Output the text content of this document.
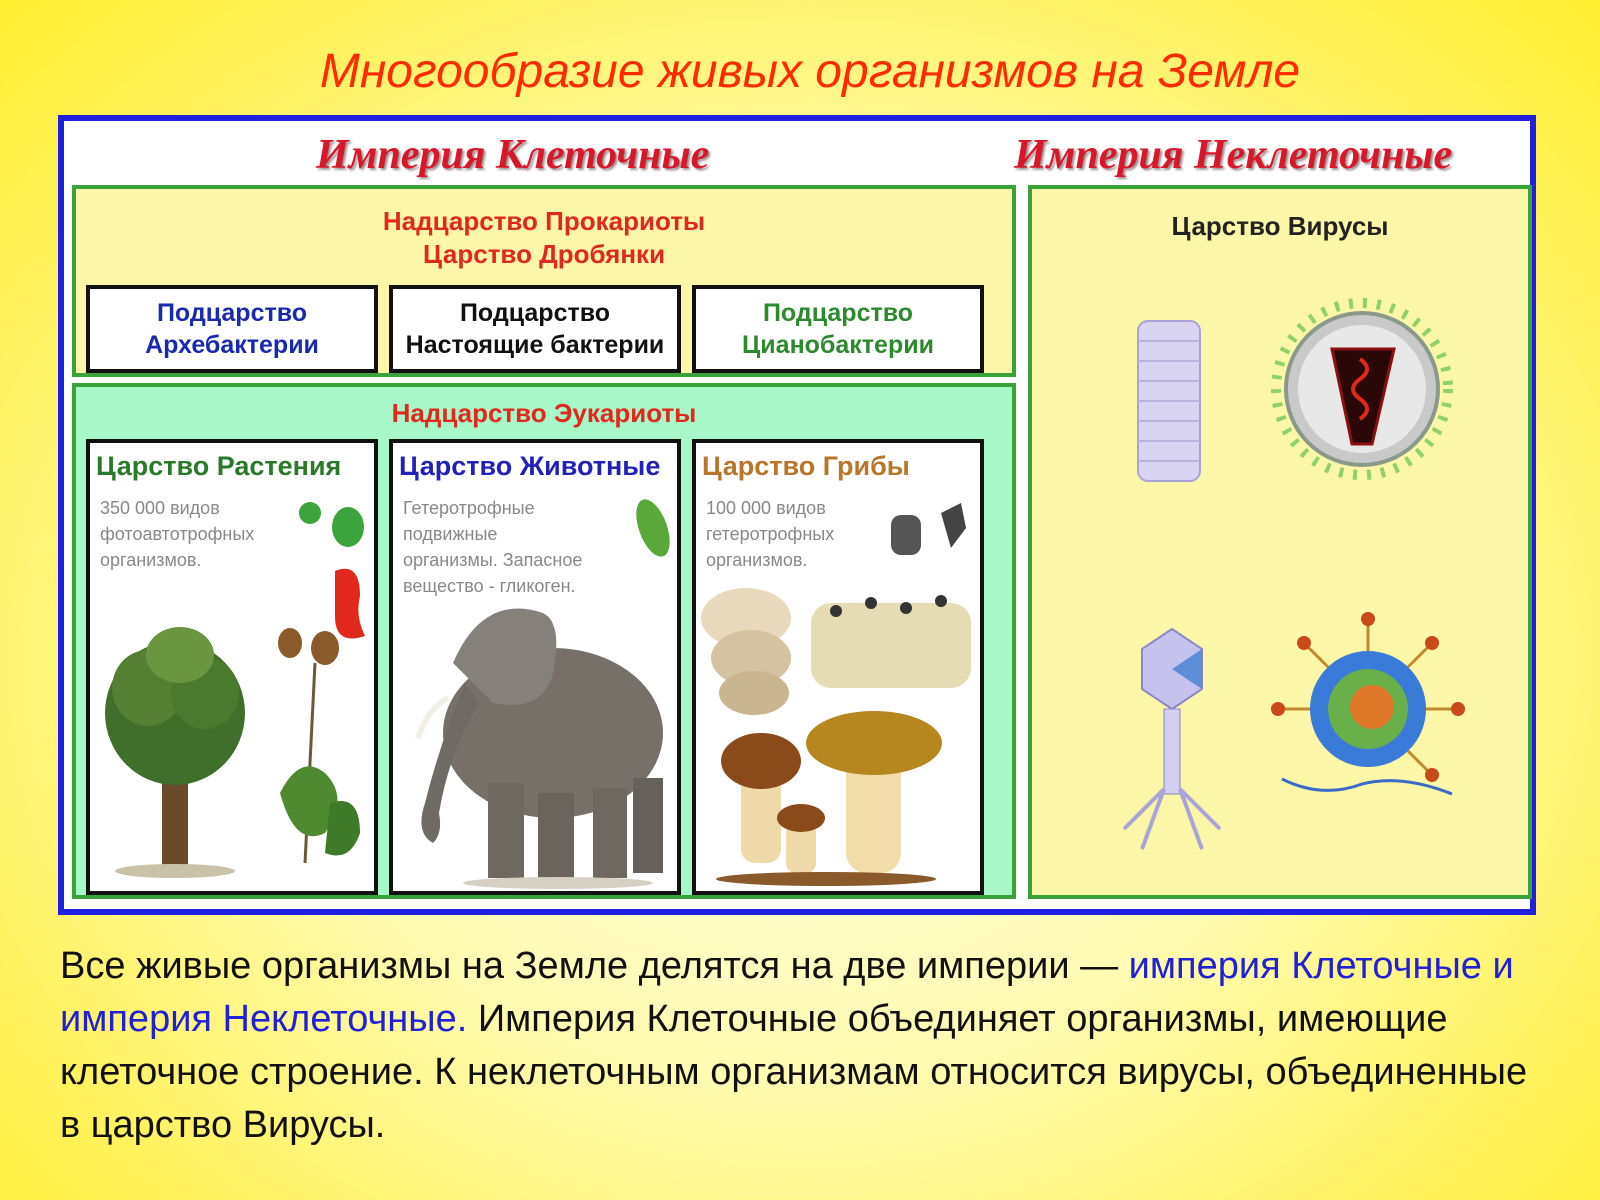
Многообразие живых организмов на Земле
Империя Клеточные	Империя Неклеточные
Надцарство Прокариоты
Царство Дробянки
Подцарство
Архебактерии
Подцарство
Настоящие бактерии
Подцарство
Цианобактерии
Надцарство Эукариоты
Царство Растения
350 000 видов
фотоавтотрофных
организмов.
Царство Животные
Гетеротрофные
подвижные
организмы. Запасное
вещество - гликоген.
Царство Грибы
100 000 видов
гетеротрофных
организмов.
Царство Вирусы
Все живые организмы на Земле делятся на две империи — империя Клеточные и империя Неклеточные. Империя Клеточные объединяет организмы, имеющие клеточное строение. К неклеточным организмам относится вирусы, объединенные в царство Вирусы.
